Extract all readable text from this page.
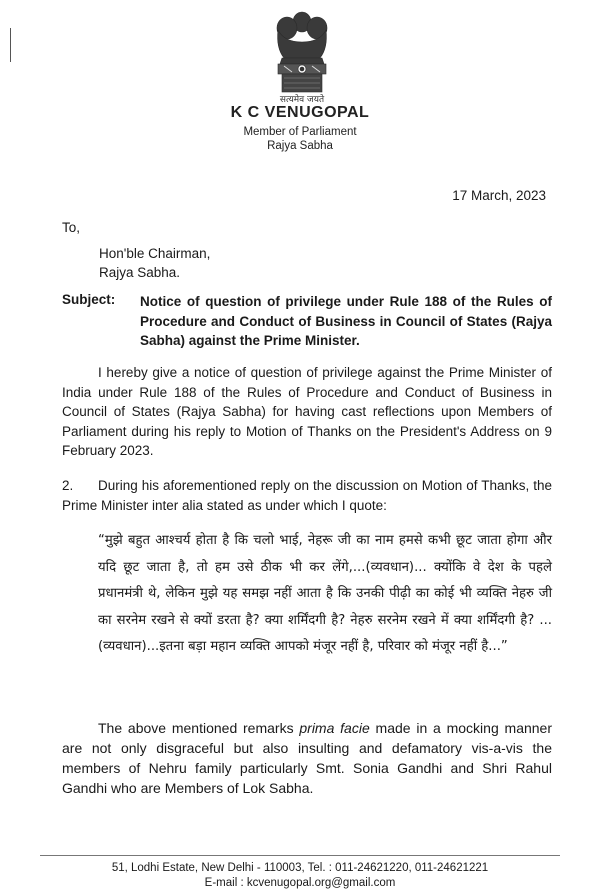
सत्यमेव जयते
K C VENUGOPAL
Member of Parliament
Rajya Sabha
17 March, 2023
To,
Hon'ble Chairman,
Rajya Sabha.
Subject: Notice of question of privilege under Rule 188 of the Rules of Procedure and Conduct of Business in Council of States (Rajya Sabha) against the Prime Minister.
I hereby give a notice of question of privilege against the Prime Minister of India under Rule 188 of the Rules of Procedure and Conduct of Business in Council of States (Rajya Sabha) for having cast reflections upon Members of Parliament during his reply to Motion of Thanks on the President's Address on 9 February 2023.
2. During his aforementioned reply on the discussion on Motion of Thanks, the Prime Minister inter alia stated as under which I quote:
“मुझे बहुत आश्चर्य होता है कि चलो भाई, नेहरू जी का नाम हमसे कभी छूट जाता होगा और यदि छूट जाता है, तो हम उसे ठीक भी कर लेंगे,...(व्यवधान)... क्योंकि वे देश के पहले प्रधानमंत्री थे, लेकिन मुझे यह समझ नहीं आता है कि उनकी पीढ़ी का कोई भी व्यक्ति नेहरु जी का सरनेम रखने से क्यों डरता है? क्या शर्मिंदगी है? नेहरु सरनेम रखने में क्या शर्मिंदगी है? ...(व्यवधान)...इतना बड़ा महान व्यक्ति आपको मंजूर नहीं है, परिवार को मंजूर नहीं है...”
The above mentioned remarks prima facie made in a mocking manner are not only disgraceful but also insulting and defamatory vis-a-vis the members of Nehru family particularly Smt. Sonia Gandhi and Shri Rahul Gandhi who are Members of Lok Sabha.
51, Lodhi Estate, New Delhi - 110003, Tel. : 011-24621220, 011-24621221
E-mail : kcvenugopal.org@gmail.com
